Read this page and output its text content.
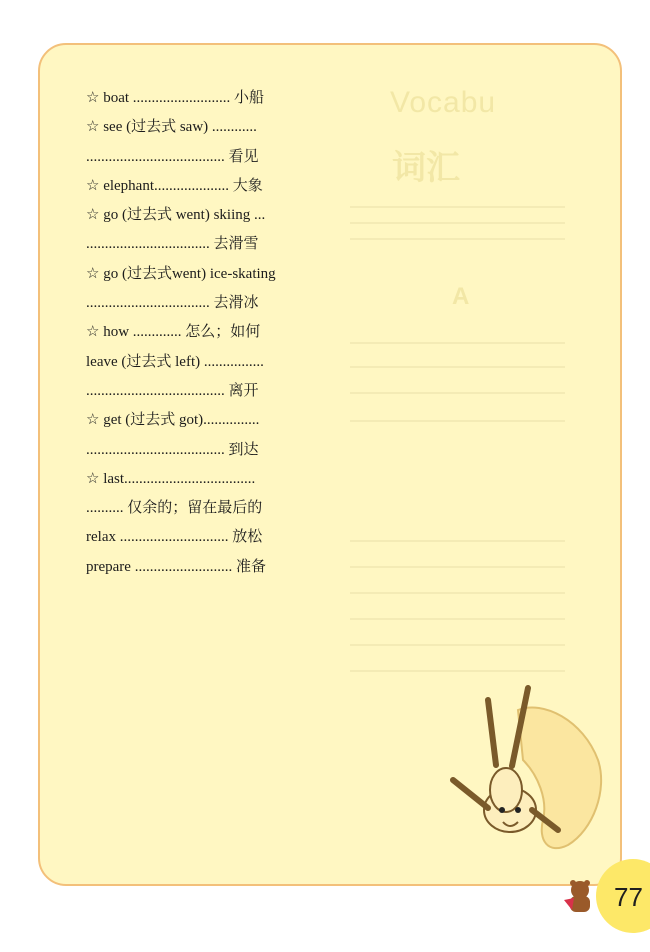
Vocabu
词汇
A
☆ boat .......................... 小船
☆ see (过去式 saw) ............
..................................... 看见
☆ elephant.................... 大象
☆ go (过去式 went) skiing ...
................................. 去滑雪
☆ go (过去式went) ice-skating
................................. 去滑冰
☆ how ............. 怎么；如何
leave (过去式 left) ................
..................................... 离开
☆ get (过去式 got)...............
..................................... 到达
☆ last...................................
.......... 仅余的；留在最后的
relax ............................. 放松
prepare .......................... 准备
77
